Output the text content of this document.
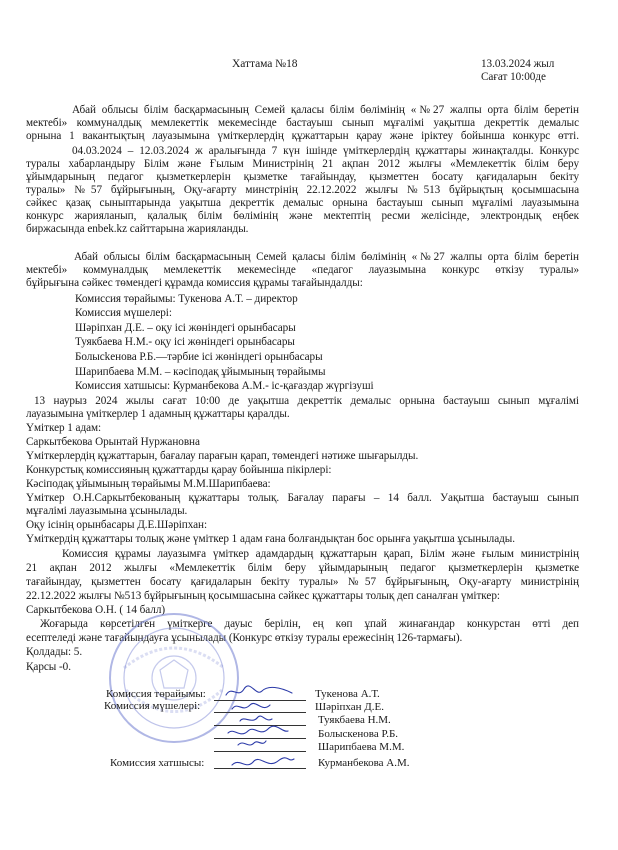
Хаттама №18	13.03.2024 жыл
Сағат 10:00де
Абай облысы білім басқармасының Семей қаласы білім бөлімінің «№27 жалпы орта білім беретін
мектебі» коммуналдық мемлекеттік мекемесінде бастауыш сынып мұғалімі уақытша декреттік демалыс
орнына 1 вакантықтың лауазымына үміткерлердің құжаттарын қарау және іріктеу бойынша конкурс өтті.
04.03.2024 – 12.03.2024 ж аралығында 7 күн ішінде үміткерлердің құжаттары жинақталды. Конкурс
туралы хабарландыру Білім және Ғылым Министрінің 21 ақпан 2012 жылғы «Мемлекеттік білім беру
ұйымдарының педагог қызметкерлерін қызметке тағайындау, қызметтен босату қағидаларын бекіту
туралы» №57 бұйрығының, Оқу-ағарту минстрінің 22.12.2022 жылғы №513 бұйрықтың қосымшасына
сәйкес қазақ сыныптарында уақытша декреттік демалыс орнына бастауыш сынып мұғалімі лауазымына
конкурс жарияланып, қалалық білім бөлімінің және мектептің ресми желісінде, электрондық еңбек
биржасында enbek.kz сайттарына жарияланды.
Абай облысы білім басқармасының Семей қаласы білім бөлімінің «№27 жалпы орта білім беретін
мектебі» коммуналдық мемлекеттік мекемесінде «педагог лауазымына конкурс өткізу туралы»
бұйрығына сәйкес төмендегі құрамда комиссия құрамы тағайындалды:
Комиссия төрайымы: Тукенова А.Т. – директор
Комиссия мүшелері:
Шәріпхан Д.Е. – оқу ісі жөніндегі орынбасары
Туякбаева Н.М.- оқу ісі жөніндегі орынбасары
Болысkенова Р.Б.—тәрбие ісі жөніндегі орынбасары
Шарипбаева М.М. – кәсіподақ ұйымының төрайымы
Комиссия хатшысы: Курманбекова А.М.- іс-қағаздар жүргізуші
13 наурыз 2024 жылы сағат 10:00 де уақытша декреттік демалыс орнына бастауыш сынып мұғалімі
лауазымына үміткерлер 1 адамның құжаттары қаралды.
Үміткер 1 адам:
Саркытбекова Орынтай Нуржановна
Үміткерлердің құжаттарын, бағалау парағын қарап, төмендегі нәтиже шығарылды.
Конкурстық комиссияның құжаттарды қарау бойынша пікірлері:
Кәсіподақ ұйымының төрайымы М.М.Шарипбаева:
Үміткер О.Н.Саркытбекованың құжаттары толық. Бағалау парағы – 14 балл. Уақытша бастауыш сынып
мұғалімі лауазымына ұсынылады.
Оқу ісінің орынбасары Д.Е.Шәріпхан:
Үміткердің құжаттары толық және үміткер 1 адам ғана болғандықтан бос орынға уақытша ұсынылады.
Комиссия құрамы лауазымға үміткер адамдардың құжаттарын қарап, Білім және ғылым министрінің
21 ақпан 2012 жылғы «Мемлекеттік білім беру ұйымдарының педагог қызметкерлерін қызметке
тағайындау, қызметтен босату қағидаларын бекіту туралы» №57 бұйрығының, Оқу-ағарту министрінің
22.12.2022 жылғы №513 бұйрығының қосымшасына сәйкес құжаттары толық деп саналған үміткер:
Саркытбекова О.Н. ( 14 балл)
Жоғарыда көрсетілген үміткерге дауыс берілін, ең көп ұпай жинағандар конкурстан өтті деп
есептеледі және тағайындауға ұсынылады (Конкурс өткізу туралы ережесінің 126-тармағы).
Қолдады: 5.
Қарсы -0.
Комиссия төрайымы:	Тукенова А.Т.
Комиссия мүшелері:	Шәріпхан Д.Е.
Туякбаева Н.М.
Болыскенова Р.Б.
Шарипбаева М.М.
Комиссия хатшысы:	Курманбекова А.М.
